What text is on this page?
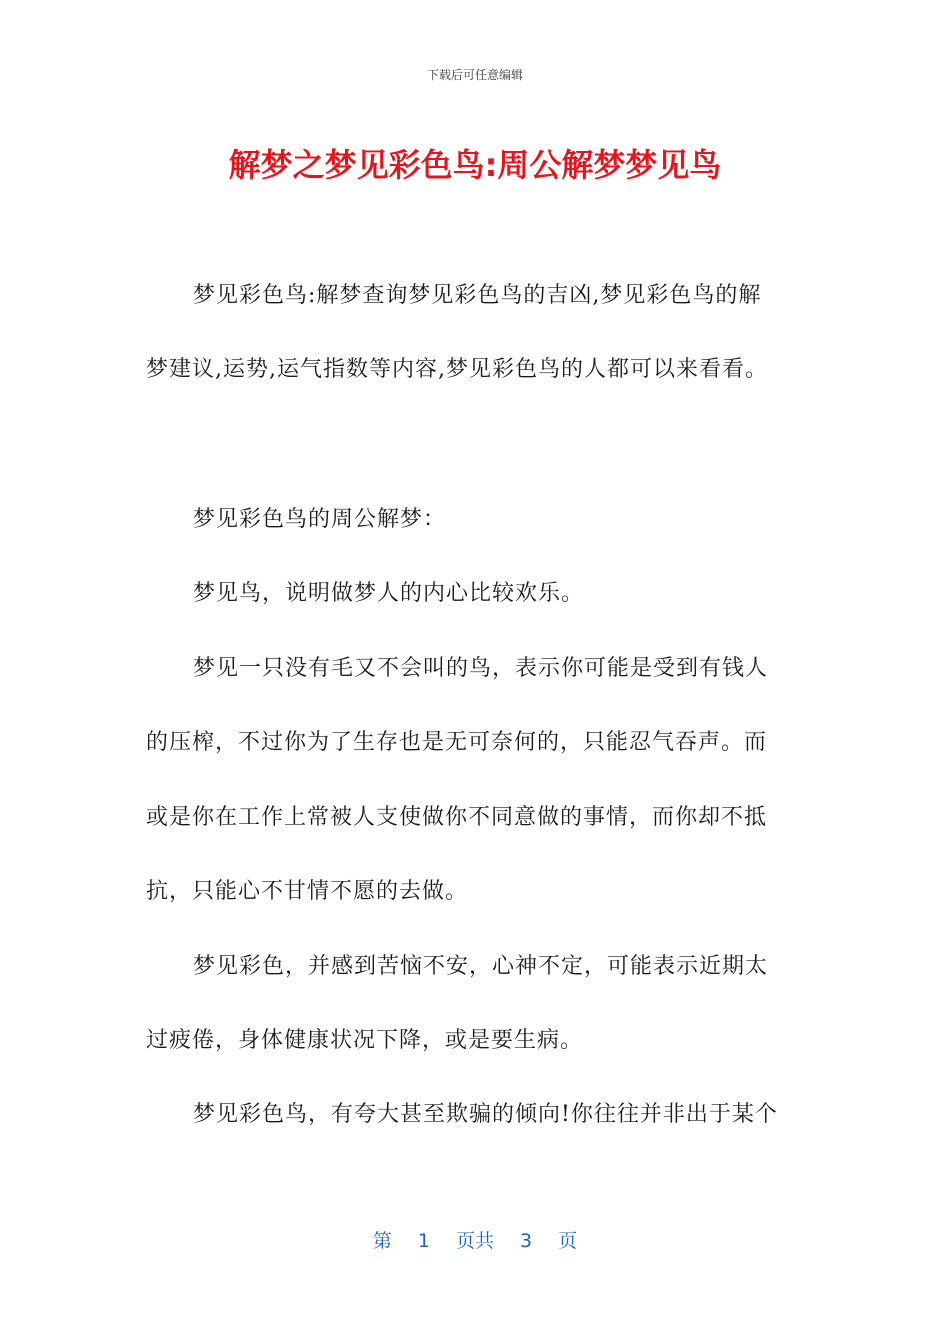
下载后可任意编辑
解梦之梦见彩色鸟:周公解梦梦见鸟
梦见彩色鸟:解梦查询梦见彩色鸟的吉凶,梦见彩色鸟的解
梦建议,运势,运气指数等内容,梦见彩色鸟的人都可以来看看。
梦见彩色鸟的周公解梦：
梦见鸟，说明做梦人的内心比较欢乐。
梦见一只没有毛又不会叫的鸟，表示你可能是受到有钱人
的压榨，不过你为了生存也是无可奈何的，只能忍气吞声。而
或是你在工作上常被人支使做你不同意做的事情，而你却不抵
抗，只能心不甘情不愿的去做。
梦见彩色，并感到苦恼不安，心神不定，可能表示近期太
过疲倦，身体健康状况下降，或是要生病。
梦见彩色鸟，有夸大甚至欺骗的倾向!你往往并非出于某个
第 1 页共 3 页
